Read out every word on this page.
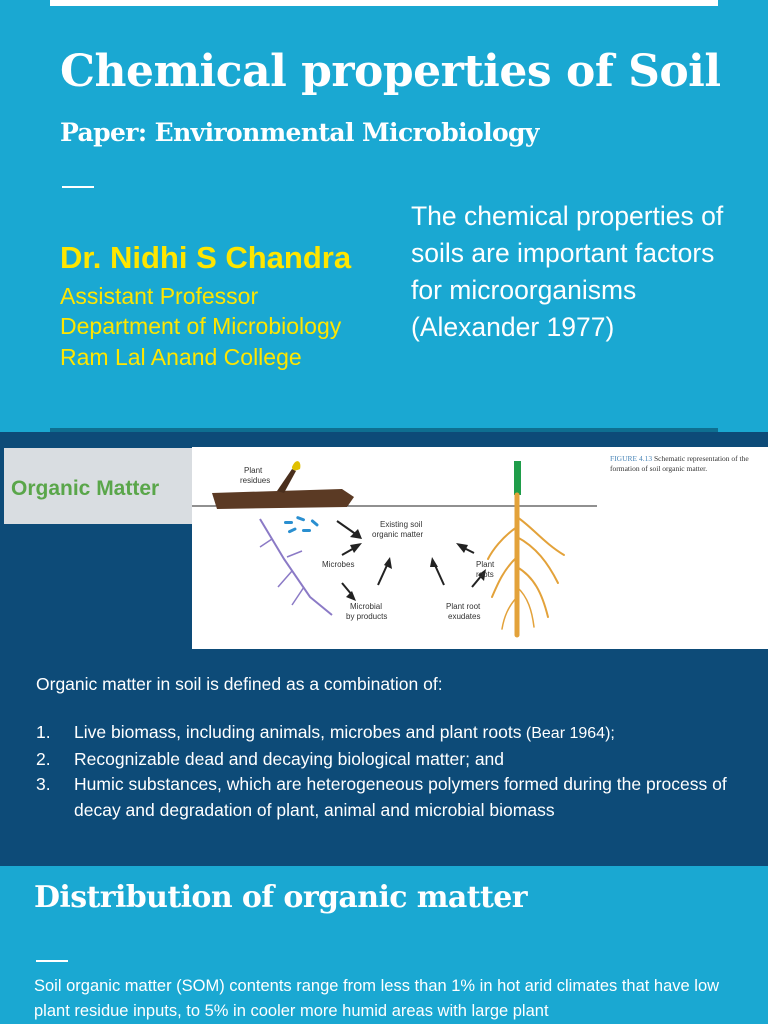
Chemical properties of Soil
Paper: Environmental Microbiology
Dr. Nidhi S Chandra
Assistant Professor
Department of Microbiology
Ram Lal Anand College
The chemical properties of soils are important factors for microorganisms (Alexander 1977)
Organic Matter
Plant
residues
Microbes
Existing soil
organic matter
Plant
roots
Microbial
by products
Plant root
exudates
FIGURE 4.13 Schematic representation of the formation of soil organic matter.
Organic matter in soil is defined as a combination of:
1.	Live biomass, including animals, microbes and plant roots (Bear 1964);
2.	Recognizable dead and decaying biological matter; and
3.	Humic substances, which are heterogeneous polymers formed during the process of decay and degradation of plant, animal and microbial biomass
Distribution of organic matter
Soil organic matter (SOM) contents range from less than 1% in hot arid climates that have low plant residue inputs, to 5% in cooler more humid areas with large plant
